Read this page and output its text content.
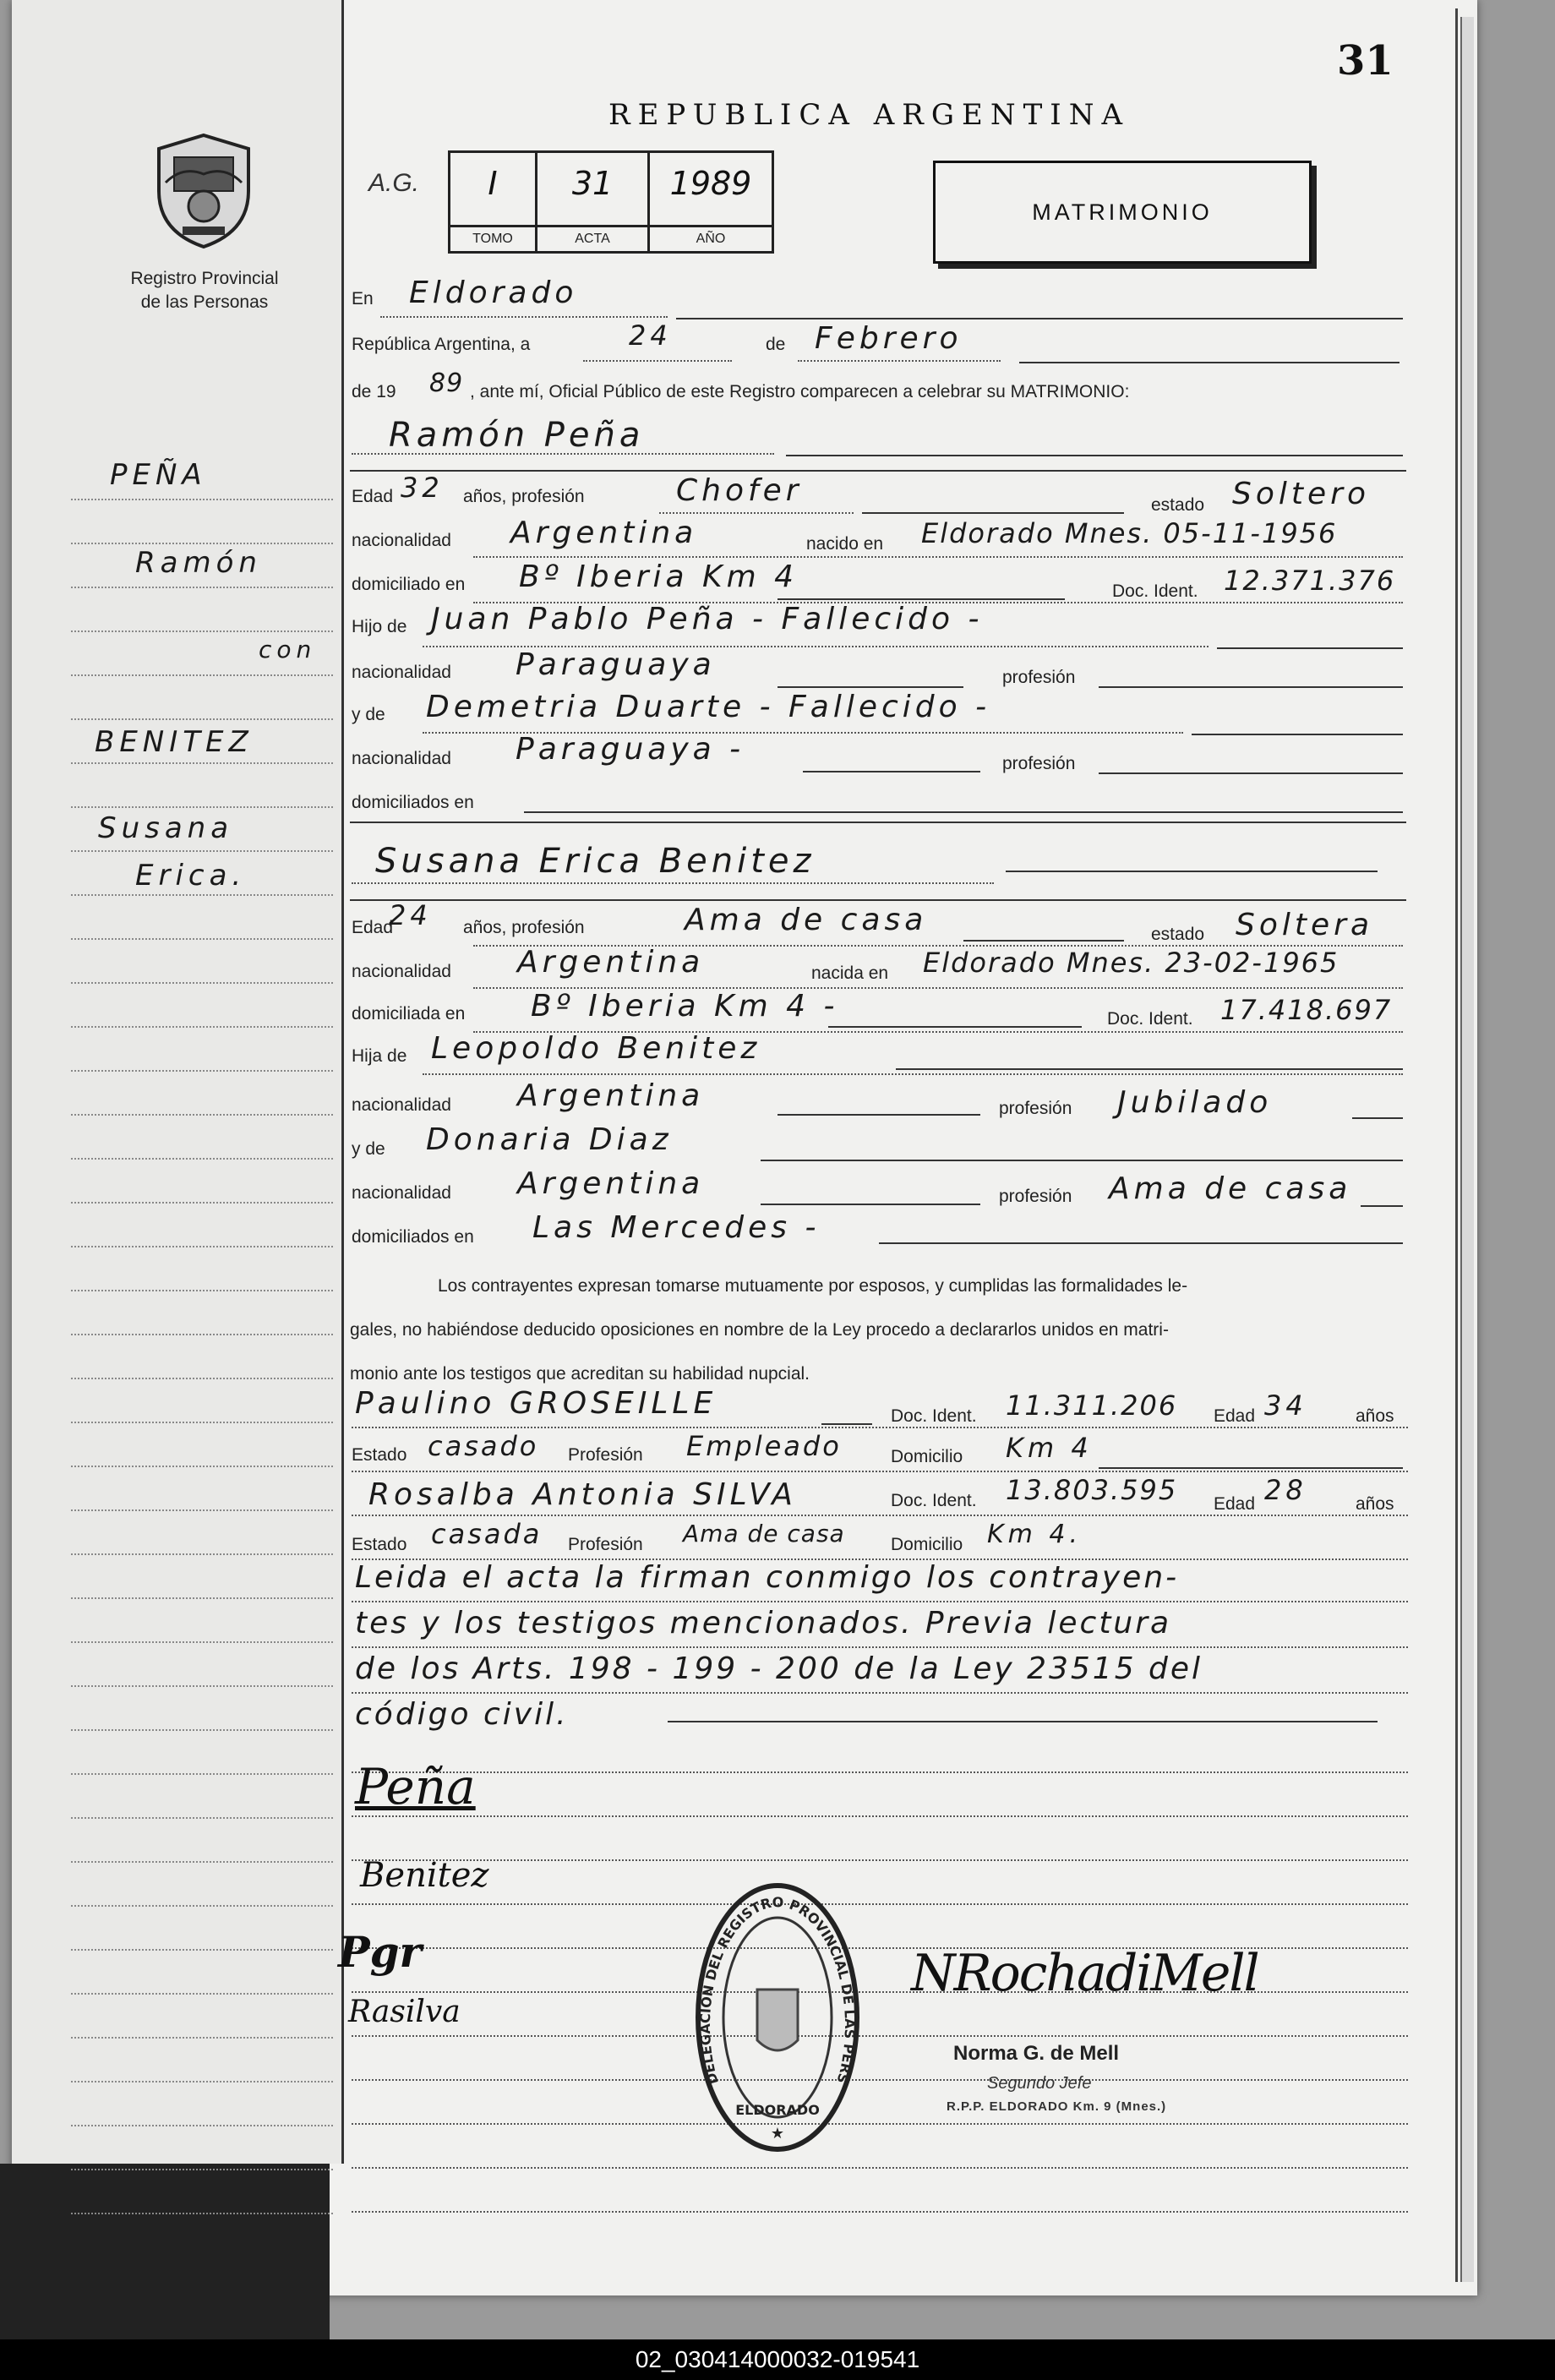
31
REPUBLICA ARGENTINA
Registro Provincial
de las Personas
A.G.	I
TOMO
31
ACTA
1989
AÑO
MATRIMONIO
PEÑA
Ramón
con
BENITEZ
Susana
Erica.
En Eldorado
República Argentina, a	24	de Febrero
de 19 89 , ante mí, Oficial Público de este Registro comparecen a celebrar su MATRIMONIO:
Ramón Peña
Edad 32 años, profesión	Chofer	estado Soltero
nacionalidad Argentina	nacido en Eldorado Mnes. 05-11-1956
domiciliado en Bº Iberia Km 4	Doc. Ident. 12.371.376
Hijo de Juan Pablo Peña - Fallecido -
nacionalidad Paraguaya	profesión
y de Demetria Duarte - Fallecido -
nacionalidad Paraguaya -	profesión
domiciliados en
Susana Erica Benitez
Edad
24 años, profesión	Ama de casa	estado Soltera
nacionalidad Argentina	nacida en Eldorado Mnes. 23-02-1965
domiciliada en Bº Iberia Km 4 -	Doc. Ident. 17.418.697
Hija de Leopoldo Benitez
nacionalidad Argentina	profesión Jubilado
y de Donaria Diaz
nacionalidad Argentina	profesión Ama de casa
domiciliados en Las Mercedes -
Los contrayentes expresan tomarse mutuamente por esposos, y cumplidas las formalidades le-
gales, no habiéndose deducido oposiciones en nombre de la Ley procedo a declararlos unidos en matri-
monio ante los testigos que acreditan su habilidad nupcial.
Paulino GROSEILLE	Doc. Ident. 11.311.206 Edad 34	años
Estado casado Profesión Empleado	Domicilio Km 4
Rosalba Antonia SILVA	Doc. Ident. 13.803.595 Edad 28	años
Estado casada Profesión Ama de casa	Domicilio Km 4.
Leida el acta la firman conmigo los contrayen-
tes y los testigos mencionados. Previa lectura
de los Arts. 198 - 199 - 200 de la Ley 23515 del
código civil.
Peña
Benitez
Pgr
Rasilva
DELEGACION DEL REGISTRO PROVINCIAL DE LAS PERS
ELDORADO
★
NRochadiMell
Norma G. de Mell
Segundo Jefe
R.P.P. ELDORADO Km. 9 (Mnes.)
02_030414000032-019541
